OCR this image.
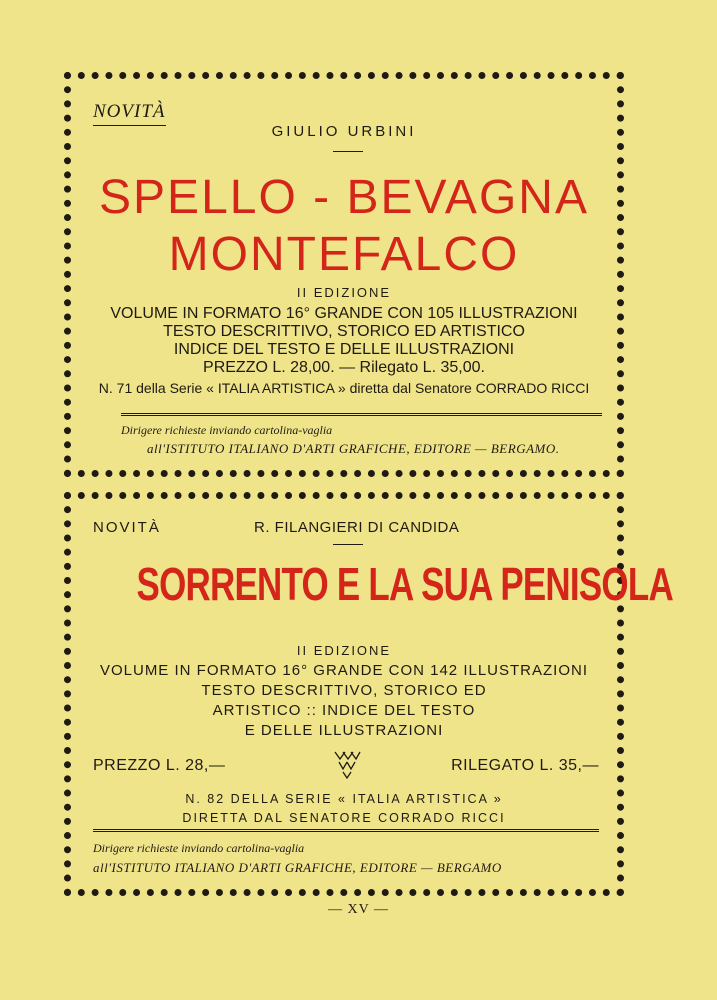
NOVITÀ
GIULIO URBINI
SPELLO - BEVAGNA
MONTEFALCO
II EDIZIONE
VOLUME IN FORMATO 16° GRANDE CON 105 ILLUSTRAZIONI
TESTO DESCRITTIVO, STORICO ED ARTISTICO
INDICE DEL TESTO E DELLE ILLUSTRAZIONI
PREZZO L. 28,00. — Rilegato L. 35,00.
N. 71 della Serie « ITALIA ARTISTICA » diretta dal Senatore CORRADO RICCI
Dirigere richieste inviando cartolina-vaglia
all'ISTITUTO ITALIANO D'ARTI GRAFICHE, EDITORE — BERGAMO.
NOVITÀ	R. FILANGIERI DI CANDIDA
SORRENTO E LA SUA PENISOLA
II EDIZIONE
VOLUME IN FORMATO 16° GRANDE CON 142 ILLUSTRAZIONI
TESTO DESCRITTIVO, STORICO ED
ARTISTICO :: INDICE DEL TESTO
E DELLE ILLUSTRAZIONI
PREZZO L. 28,—	RILEGATO L. 35,—
N. 82 DELLA SERIE « ITALIA ARTISTICA »
DIRETTA DAL SENATORE CORRADO RICCI
Dirigere richieste inviando cartolina-vaglia
all'ISTITUTO ITALIANO D'ARTI GRAFICHE, EDITORE — BERGAMO
— XV —
